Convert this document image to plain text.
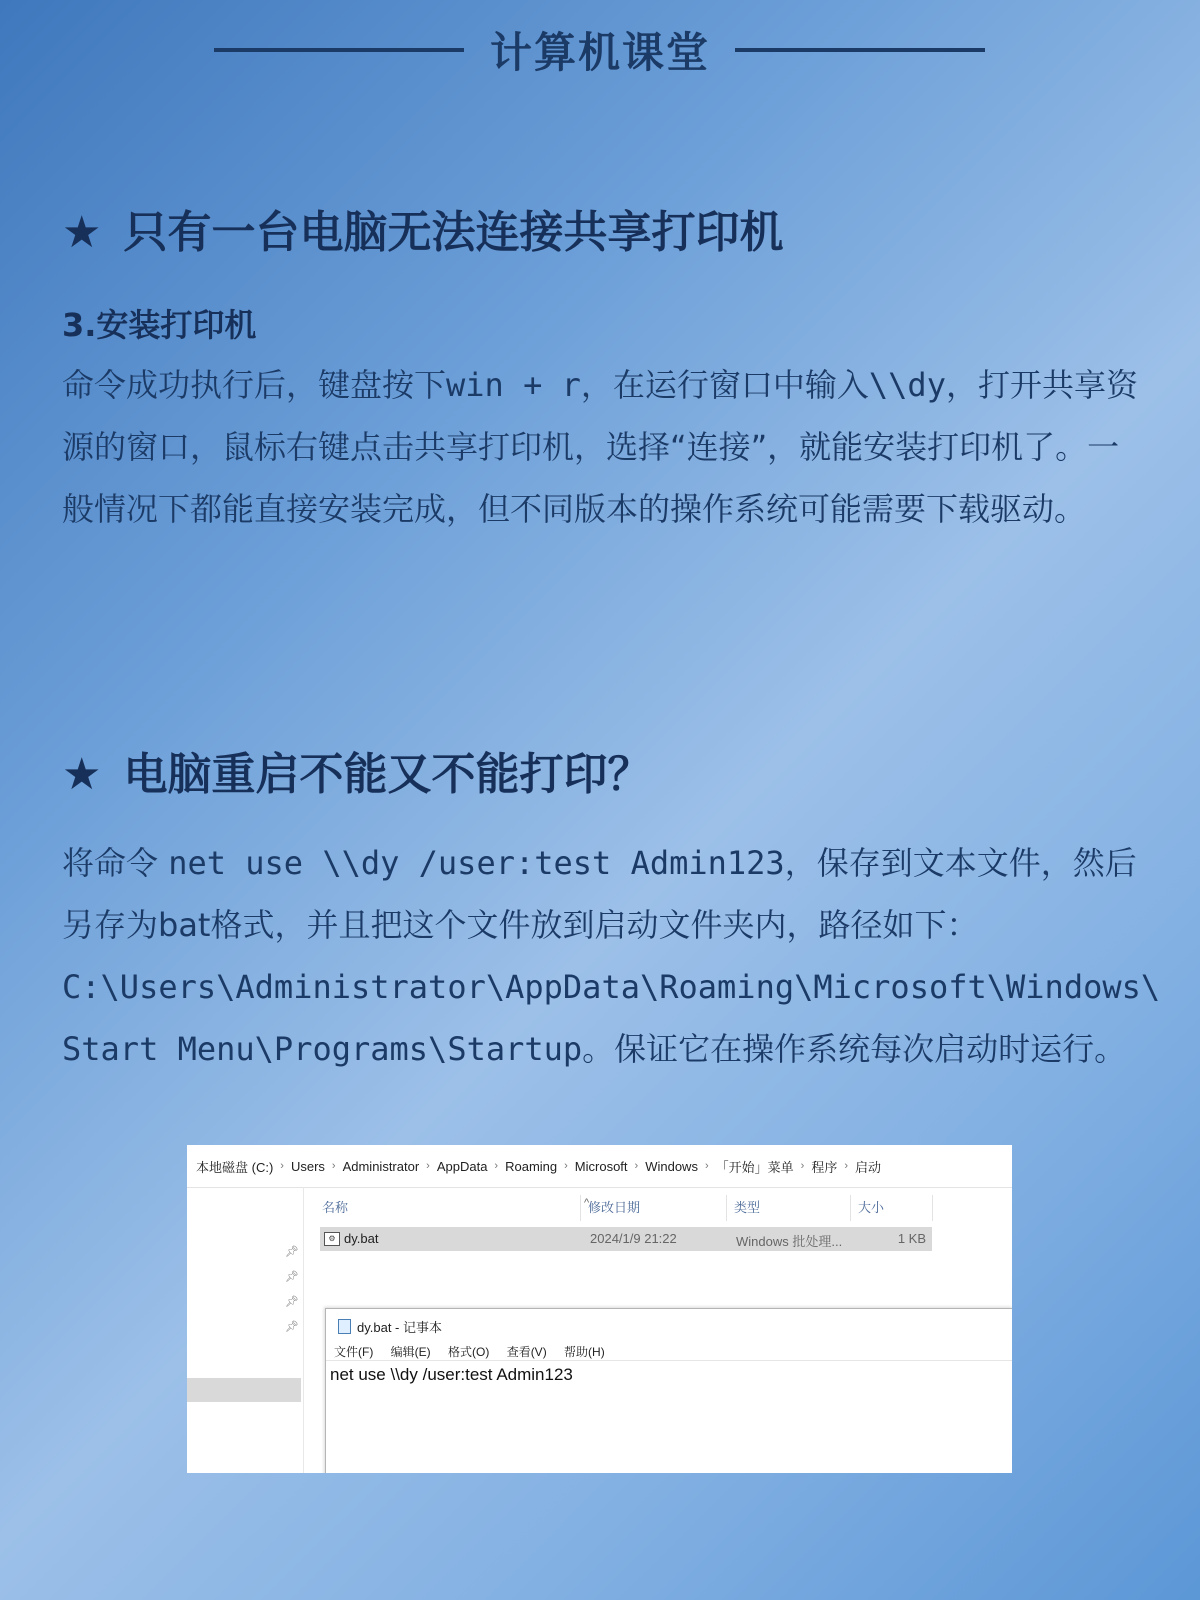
计算机课堂
★ 只有一台电脑无法连接共享打印机
3.安装打印机
命令成功执行后，键盘按下win + r，在运行窗口中输入\\dy，打开共享资源的窗口，鼠标右键点击共享打印机，选择“连接”，就能安装打印机了。一般情况下都能直接安装完成，但不同版本的操作系统可能需要下载驱动。
★ 电脑重启不能又不能打印？
将命令 net use \\dy /user:test Admin123，保存到文本文件，然后另存为bat格式，并且把这个文件放到启动文件夹内，路径如下：
C:\Users\Administrator\AppData\Roaming\Microsoft\Windows\
Start Menu\Programs\Startup。保证它在操作系统每次启动时运行。
本地磁盘 (C:) › Users › Administrator › AppData › Roaming › Microsoft › Windows › 「开始」菜单 › 程序 › 启动
📌︎
📌︎
📌︎
📌︎
^
名称	修改日期	类型	大小
⚙ dy.bat	2024/1/9 21:22	Windows 批处理...	1 KB
dy.bat - 记事本
文件(F) 编辑(E) 格式(O) 查看(V) 帮助(H)
net use \\dy /user:test Admin123
